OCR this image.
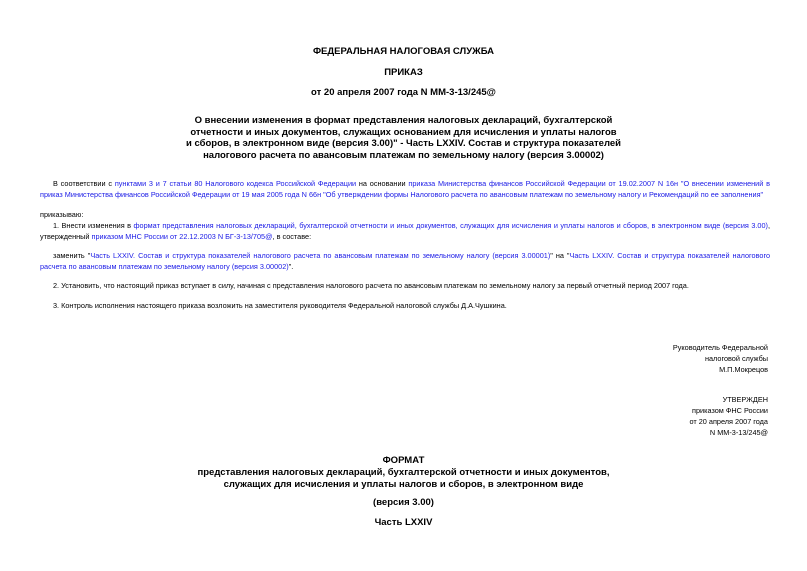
ФЕДЕРАЛЬНАЯ НАЛОГОВАЯ СЛУЖБА

ПРИКАЗ

от 20 апреля 2007 года N ММ-3-13/245@

О внесении изменения в формат представления налоговых деклараций, бухгалтерской

отчетности и иных документов, служащих основанием для исчисления и уплаты налогов

и сборов, в электронном виде (версия 3.00)" - Часть LXXIV. Состав и структура показателей

налогового расчета по авансовым платежам по земельному налогу (версия 3.00002)

В соответствии с пунктами 3 и 7 статьи 80 Налогового кодекса Российской Федерации на основании приказа Министерства финансов Российской Федерации от 19.02.2007 N 16н "О внесении изменений в приказ Министерства финансов Российской Федерации от 19 мая 2005 года N 66н "Об утверждении формы Налогового расчета по авансовым платежам по земельному налогу и Рекомендаций по ее заполнения"

приказываю:

1. Внести изменения в формат представления налоговых деклараций, бухгалтерской отчетности и иных документов, служащих для исчисления и уплаты налогов и сборов, в электронном виде (версия 3.00), утвержденный приказом МНС России от 22.12.2003 N БГ-3-13/705@, в составе:

заменить "Часть LXXIV. Состав и структура показателей налогового расчета по авансовым платежам по земельному налогу (версия 3.00001)" на "Часть LXXIV. Состав и структура показателей налогового расчета по авансовым платежам по земельному налогу (версия 3.00002)".

2. Установить, что настоящий приказ вступает в силу, начиная с представления налогового расчета по авансовым платежам по земельному налогу за первый отчетный период 2007 года.

3. Контроль исполнения настоящего приказа возложить на заместителя руководителя Федеральной налоговой службы Д.А.Чушкина.

Руководитель Федеральной

налоговой службы

М.П.Мокрецов

УТВЕРЖДЕН

приказом ФНС России

от 20 апреля 2007 года

N ММ-3-13/245@

ФОРМАТ

представления налоговых деклараций, бухгалтерской отчетности и иных документов,

служащих для исчисления и уплаты налогов и сборов, в электронном виде

(версия 3.00)

Часть LXXIV
